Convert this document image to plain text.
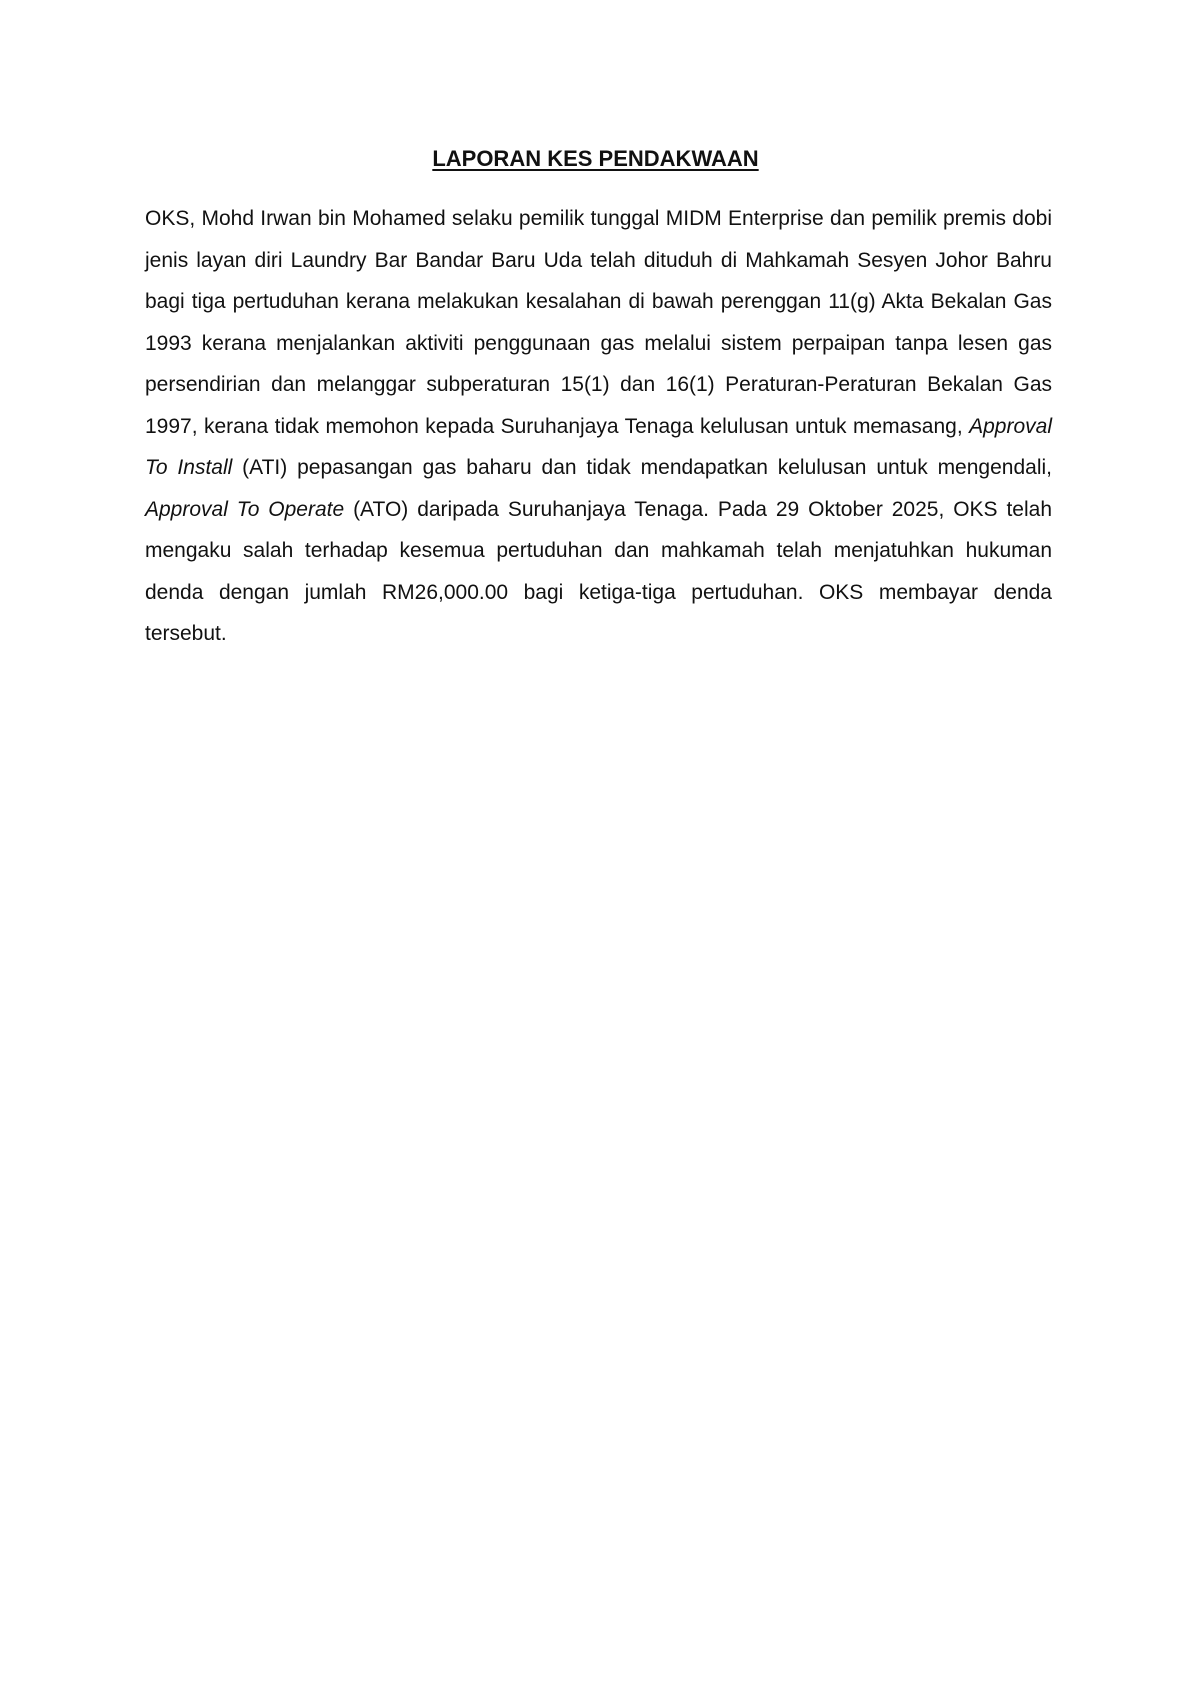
LAPORAN KES PENDAKWAAN

OKS, Mohd Irwan bin Mohamed selaku pemilik tunggal MIDM Enterprise dan pemilik premis dobi jenis layan diri Laundry Bar Bandar Baru Uda telah dituduh di Mahkamah Sesyen Johor Bahru bagi tiga pertuduhan kerana melakukan kesalahan di bawah perenggan 11(g) Akta Bekalan Gas 1993 kerana menjalankan aktiviti penggunaan gas melalui sistem perpaipan tanpa lesen gas persendirian dan melanggar subperaturan 15(1) dan 16(1) Peraturan-Peraturan Bekalan Gas 1997, kerana tidak memohon kepada Suruhanjaya Tenaga kelulusan untuk memasang, Approval To Install (ATI) pepasangan gas baharu dan tidak mendapatkan kelulusan untuk mengendali, Approval To Operate (ATO) daripada Suruhanjaya Tenaga. Pada 29 Oktober 2025, OKS telah mengaku salah terhadap kesemua pertuduhan dan mahkamah telah menjatuhkan hukuman denda dengan jumlah RM26,000.00 bagi ketiga-tiga pertuduhan. OKS membayar denda tersebut.
